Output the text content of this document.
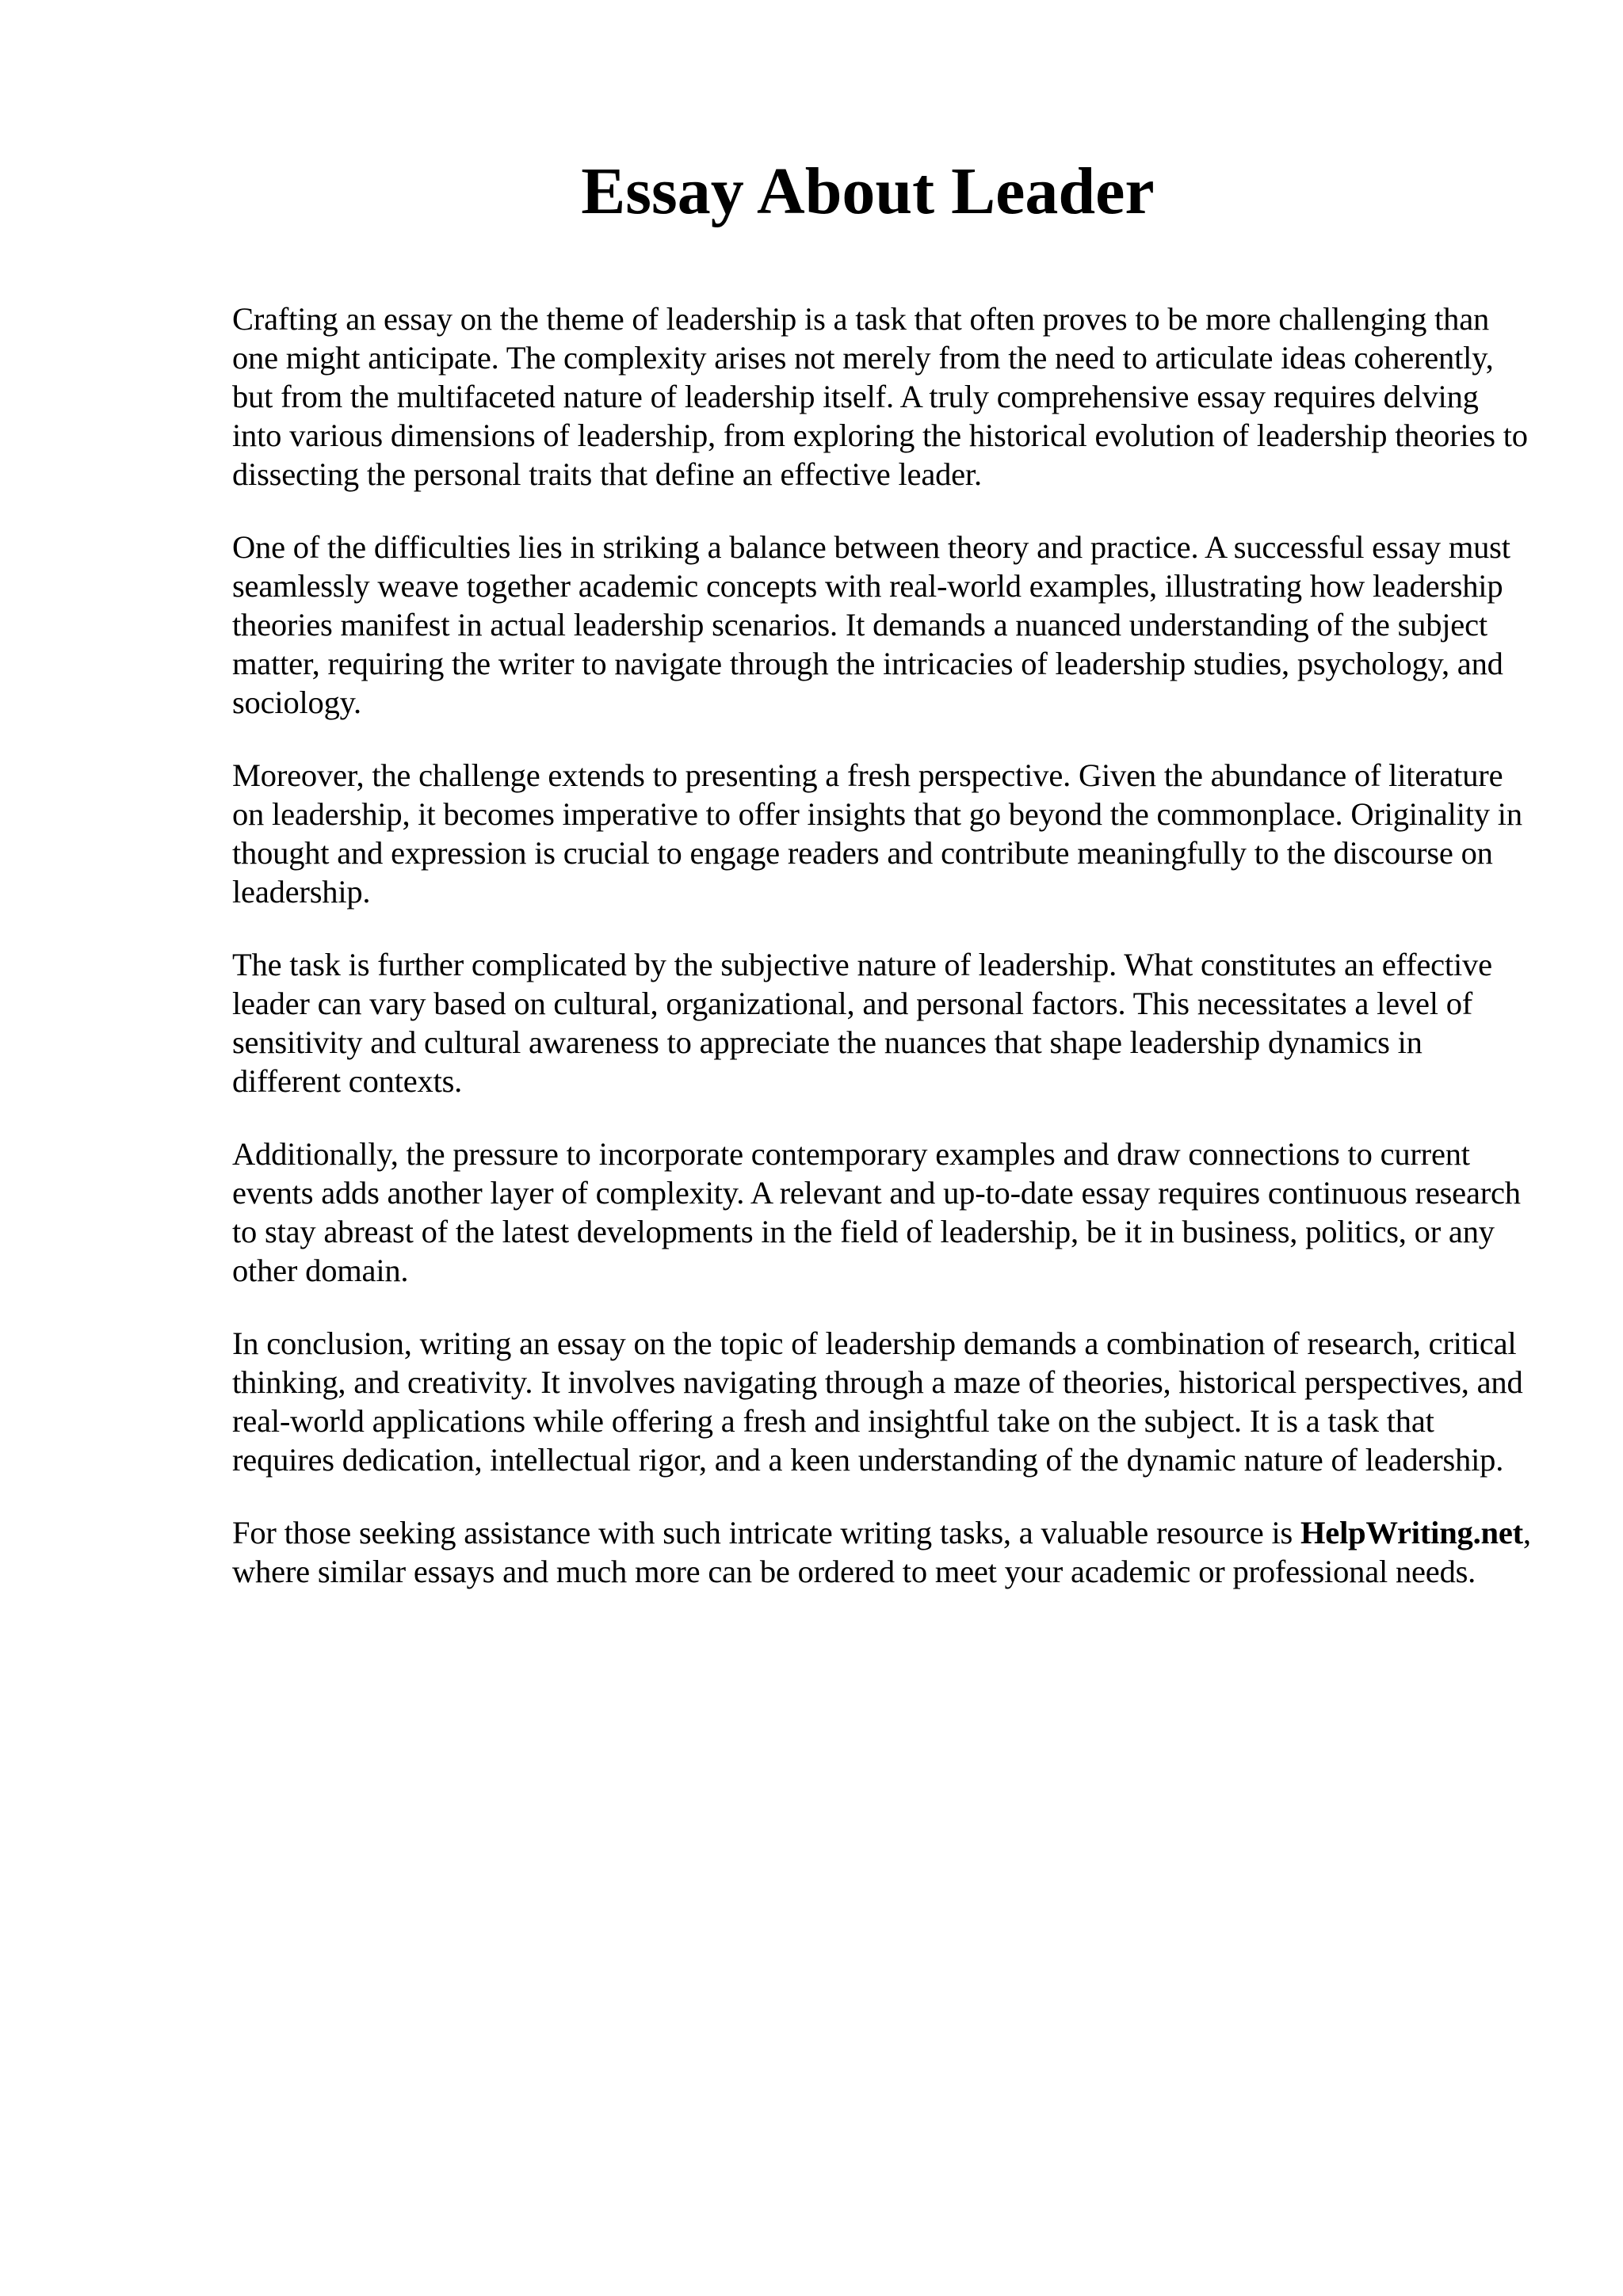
Essay About Leader

Crafting an essay on the theme of leadership is a task that often proves to be more challenging than one might anticipate. The complexity arises not merely from the need to articulate ideas coherently, but from the multifaceted nature of leadership itself. A truly comprehensive essay requires delving into various dimensions of leadership, from exploring the historical evolution of leadership theories to dissecting the personal traits that define an effective leader.

One of the difficulties lies in striking a balance between theory and practice. A successful essay must seamlessly weave together academic concepts with real-world examples, illustrating how leadership theories manifest in actual leadership scenarios. It demands a nuanced understanding of the subject matter, requiring the writer to navigate through the intricacies of leadership studies, psychology, and sociology.

Moreover, the challenge extends to presenting a fresh perspective. Given the abundance of literature on leadership, it becomes imperative to offer insights that go beyond the commonplace. Originality in thought and expression is crucial to engage readers and contribute meaningfully to the discourse on leadership.

The task is further complicated by the subjective nature of leadership. What constitutes an effective leader can vary based on cultural, organizational, and personal factors. This necessitates a level of sensitivity and cultural awareness to appreciate the nuances that shape leadership dynamics in different contexts.

Additionally, the pressure to incorporate contemporary examples and draw connections to current events adds another layer of complexity. A relevant and up-to-date essay requires continuous research to stay abreast of the latest developments in the field of leadership, be it in business, politics, or any other domain.

In conclusion, writing an essay on the topic of leadership demands a combination of research, critical thinking, and creativity. It involves navigating through a maze of theories, historical perspectives, and real-world applications while offering a fresh and insightful take on the subject. It is a task that requires dedication, intellectual rigor, and a keen understanding of the dynamic nature of leadership.

For those seeking assistance with such intricate writing tasks, a valuable resource is HelpWriting.net, where similar essays and much more can be ordered to meet your academic or professional needs.
